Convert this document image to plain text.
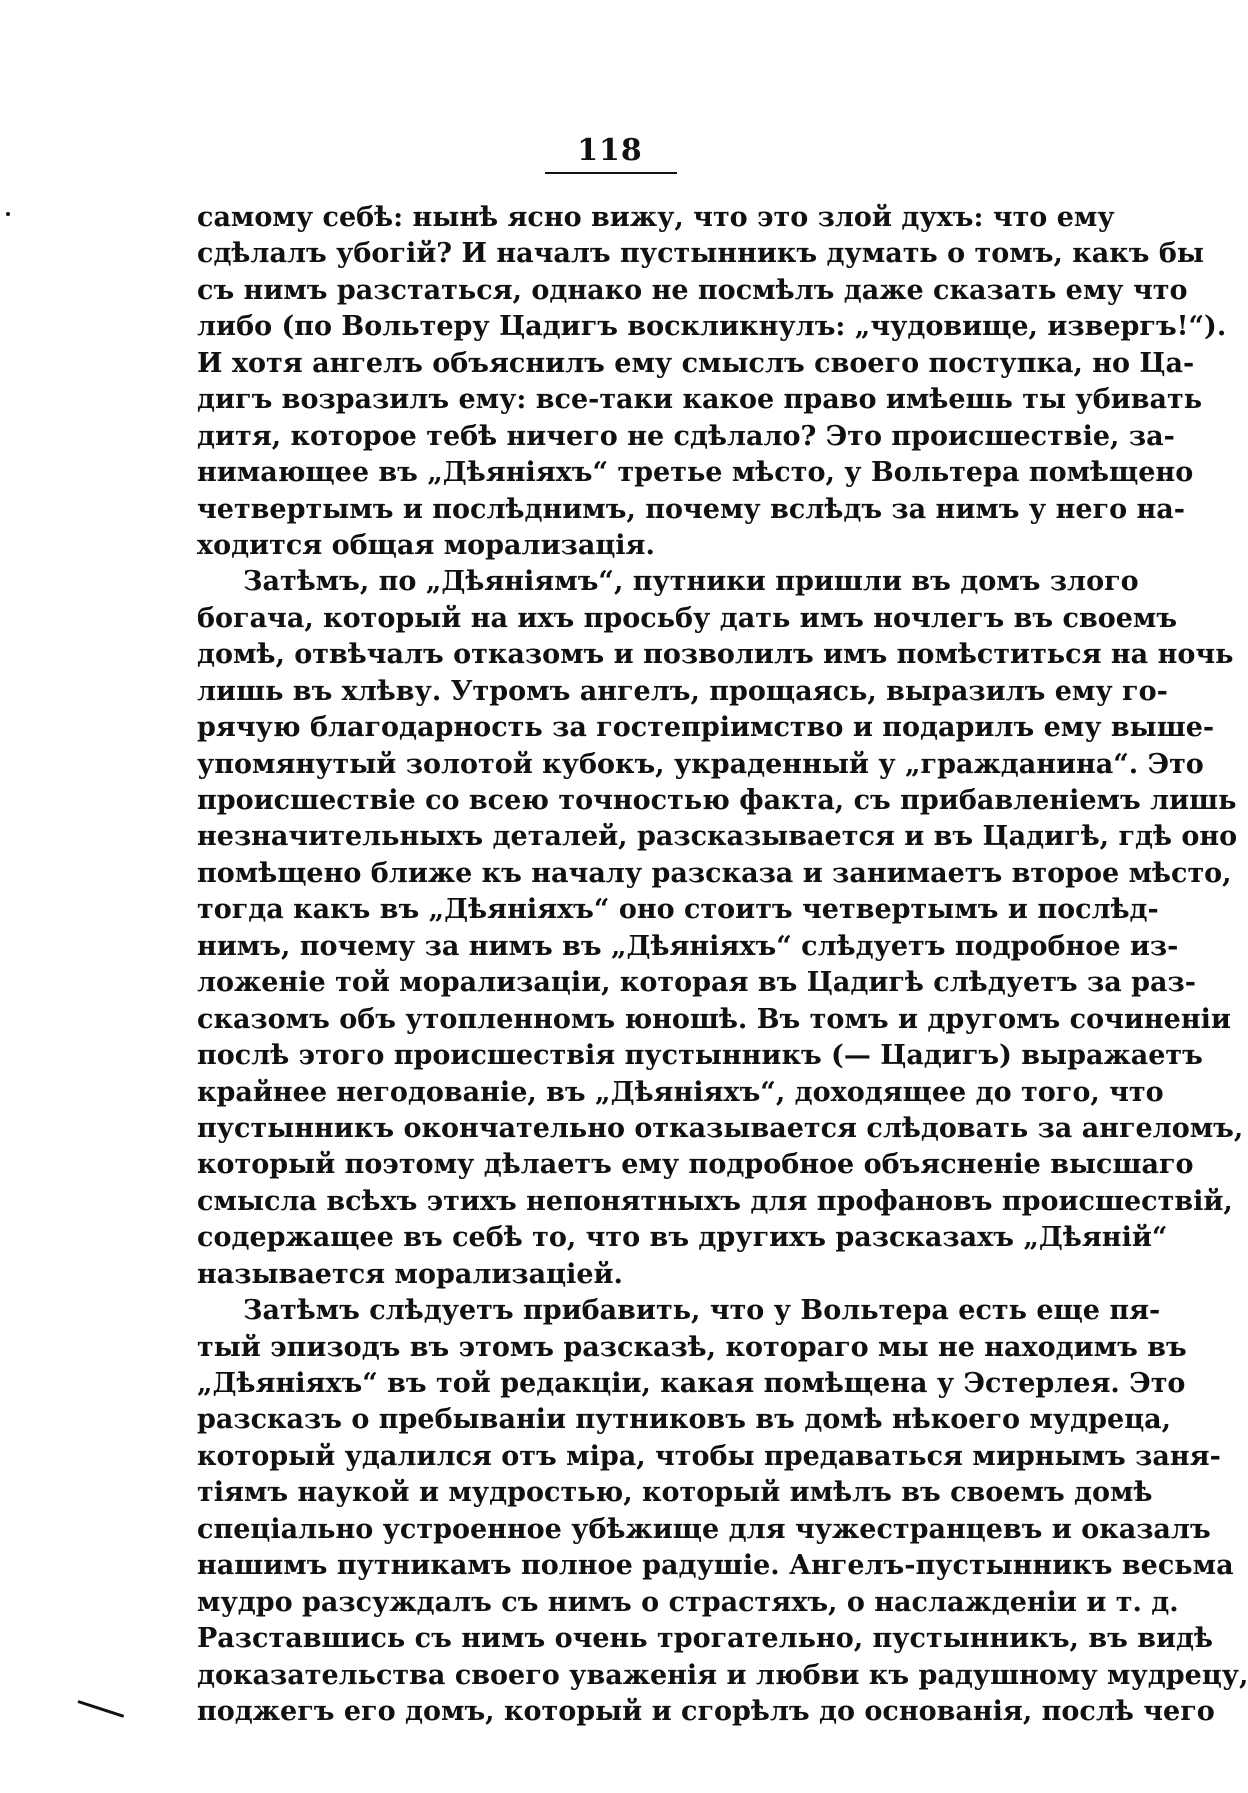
118
самому себѣ: нынѣ ясно вижу, что это злой духъ: что ему
сдѣлалъ убогій? И началъ пустынникъ думать о томъ, какъ бы
съ нимъ разстаться, однако не посмѣлъ даже сказать ему что
либо (по Вольтеру Цадигъ воскликнулъ: „чудовище, извергъ!“).
И хотя ангелъ объяснилъ ему смыслъ своего поступка, но Ца-
дигъ возразилъ ему: все-таки какое право имѣешь ты убивать
дитя, которое тебѣ ничего не сдѣлало? Это происшествіе, за-
нимающее въ „Дѣяніяхъ“ третье мѣсто, у Вольтера помѣщено
четвертымъ и послѣднимъ, почему вслѣдъ за нимъ у него на-
ходится общая морализація.
Затѣмъ, по „Дѣяніямъ“, путники пришли въ домъ злого
богача, который на ихъ просьбу дать имъ ночлегъ въ своемъ
домѣ, отвѣчалъ отказомъ и позволилъ имъ помѣститься на ночь
лишь въ хлѣву. Утромъ ангелъ, прощаясь, выразилъ ему го-
рячую благодарность за гостепріимство и подарилъ ему выше-
упомянутый золотой кубокъ, украденный у „гражданина“. Это
происшествіе со всею точностью факта, съ прибавленіемъ лишь
незначительныхъ деталей, разсказывается и въ Цадигѣ, гдѣ оно
помѣщено ближе къ началу разсказа и занимаетъ второе мѣсто,
тогда какъ въ „Дѣяніяхъ“ оно стоитъ четвертымъ и послѣд-
нимъ, почему за нимъ въ „Дѣяніяхъ“ слѣдуетъ подробное из-
ложеніе той морализаціи, которая въ Цадигѣ слѣдуетъ за раз-
сказомъ объ утопленномъ юношѣ. Въ томъ и другомъ сочиненіи
послѣ этого происшествія пустынникъ (— Цадигъ) выражаетъ
крайнее негодованіе, въ „Дѣяніяхъ“, доходящее до того, что
пустынникъ окончательно отказывается слѣдовать за ангеломъ,
который поэтому дѣлаетъ ему подробное объясненіе высшаго
смысла всѣхъ этихъ непонятныхъ для профановъ происшествій,
содержащее въ себѣ то, что въ другихъ разсказахъ „Дѣяній“
называется морализаціей.
Затѣмъ слѣдуетъ прибавить, что у Вольтера есть еще пя-
тый эпизодъ въ этомъ разсказѣ, котораго мы не находимъ въ
„Дѣяніяхъ“ въ той редакціи, какая помѣщена у Эстерлея. Это
разсказъ о пребываніи путниковъ въ домѣ нѣкоего мудреца,
который удалился отъ міра, чтобы предаваться мирнымъ заня-
тіямъ наукой и мудростью, который имѣлъ въ своемъ домѣ
спеціально устроенное убѣжище для чужестранцевъ и оказалъ
нашимъ путникамъ полное радушіе. Ангелъ-пустынникъ весьма
мудро разсуждалъ съ нимъ о страстяхъ, о наслажденіи и т. д.
Разставшись съ нимъ очень трогательно, пустынникъ, въ видѣ
доказательства своего уваженія и любви къ радушному мудрецу,
поджегъ его домъ, который и сгорѣлъ до основанія, послѣ чего
